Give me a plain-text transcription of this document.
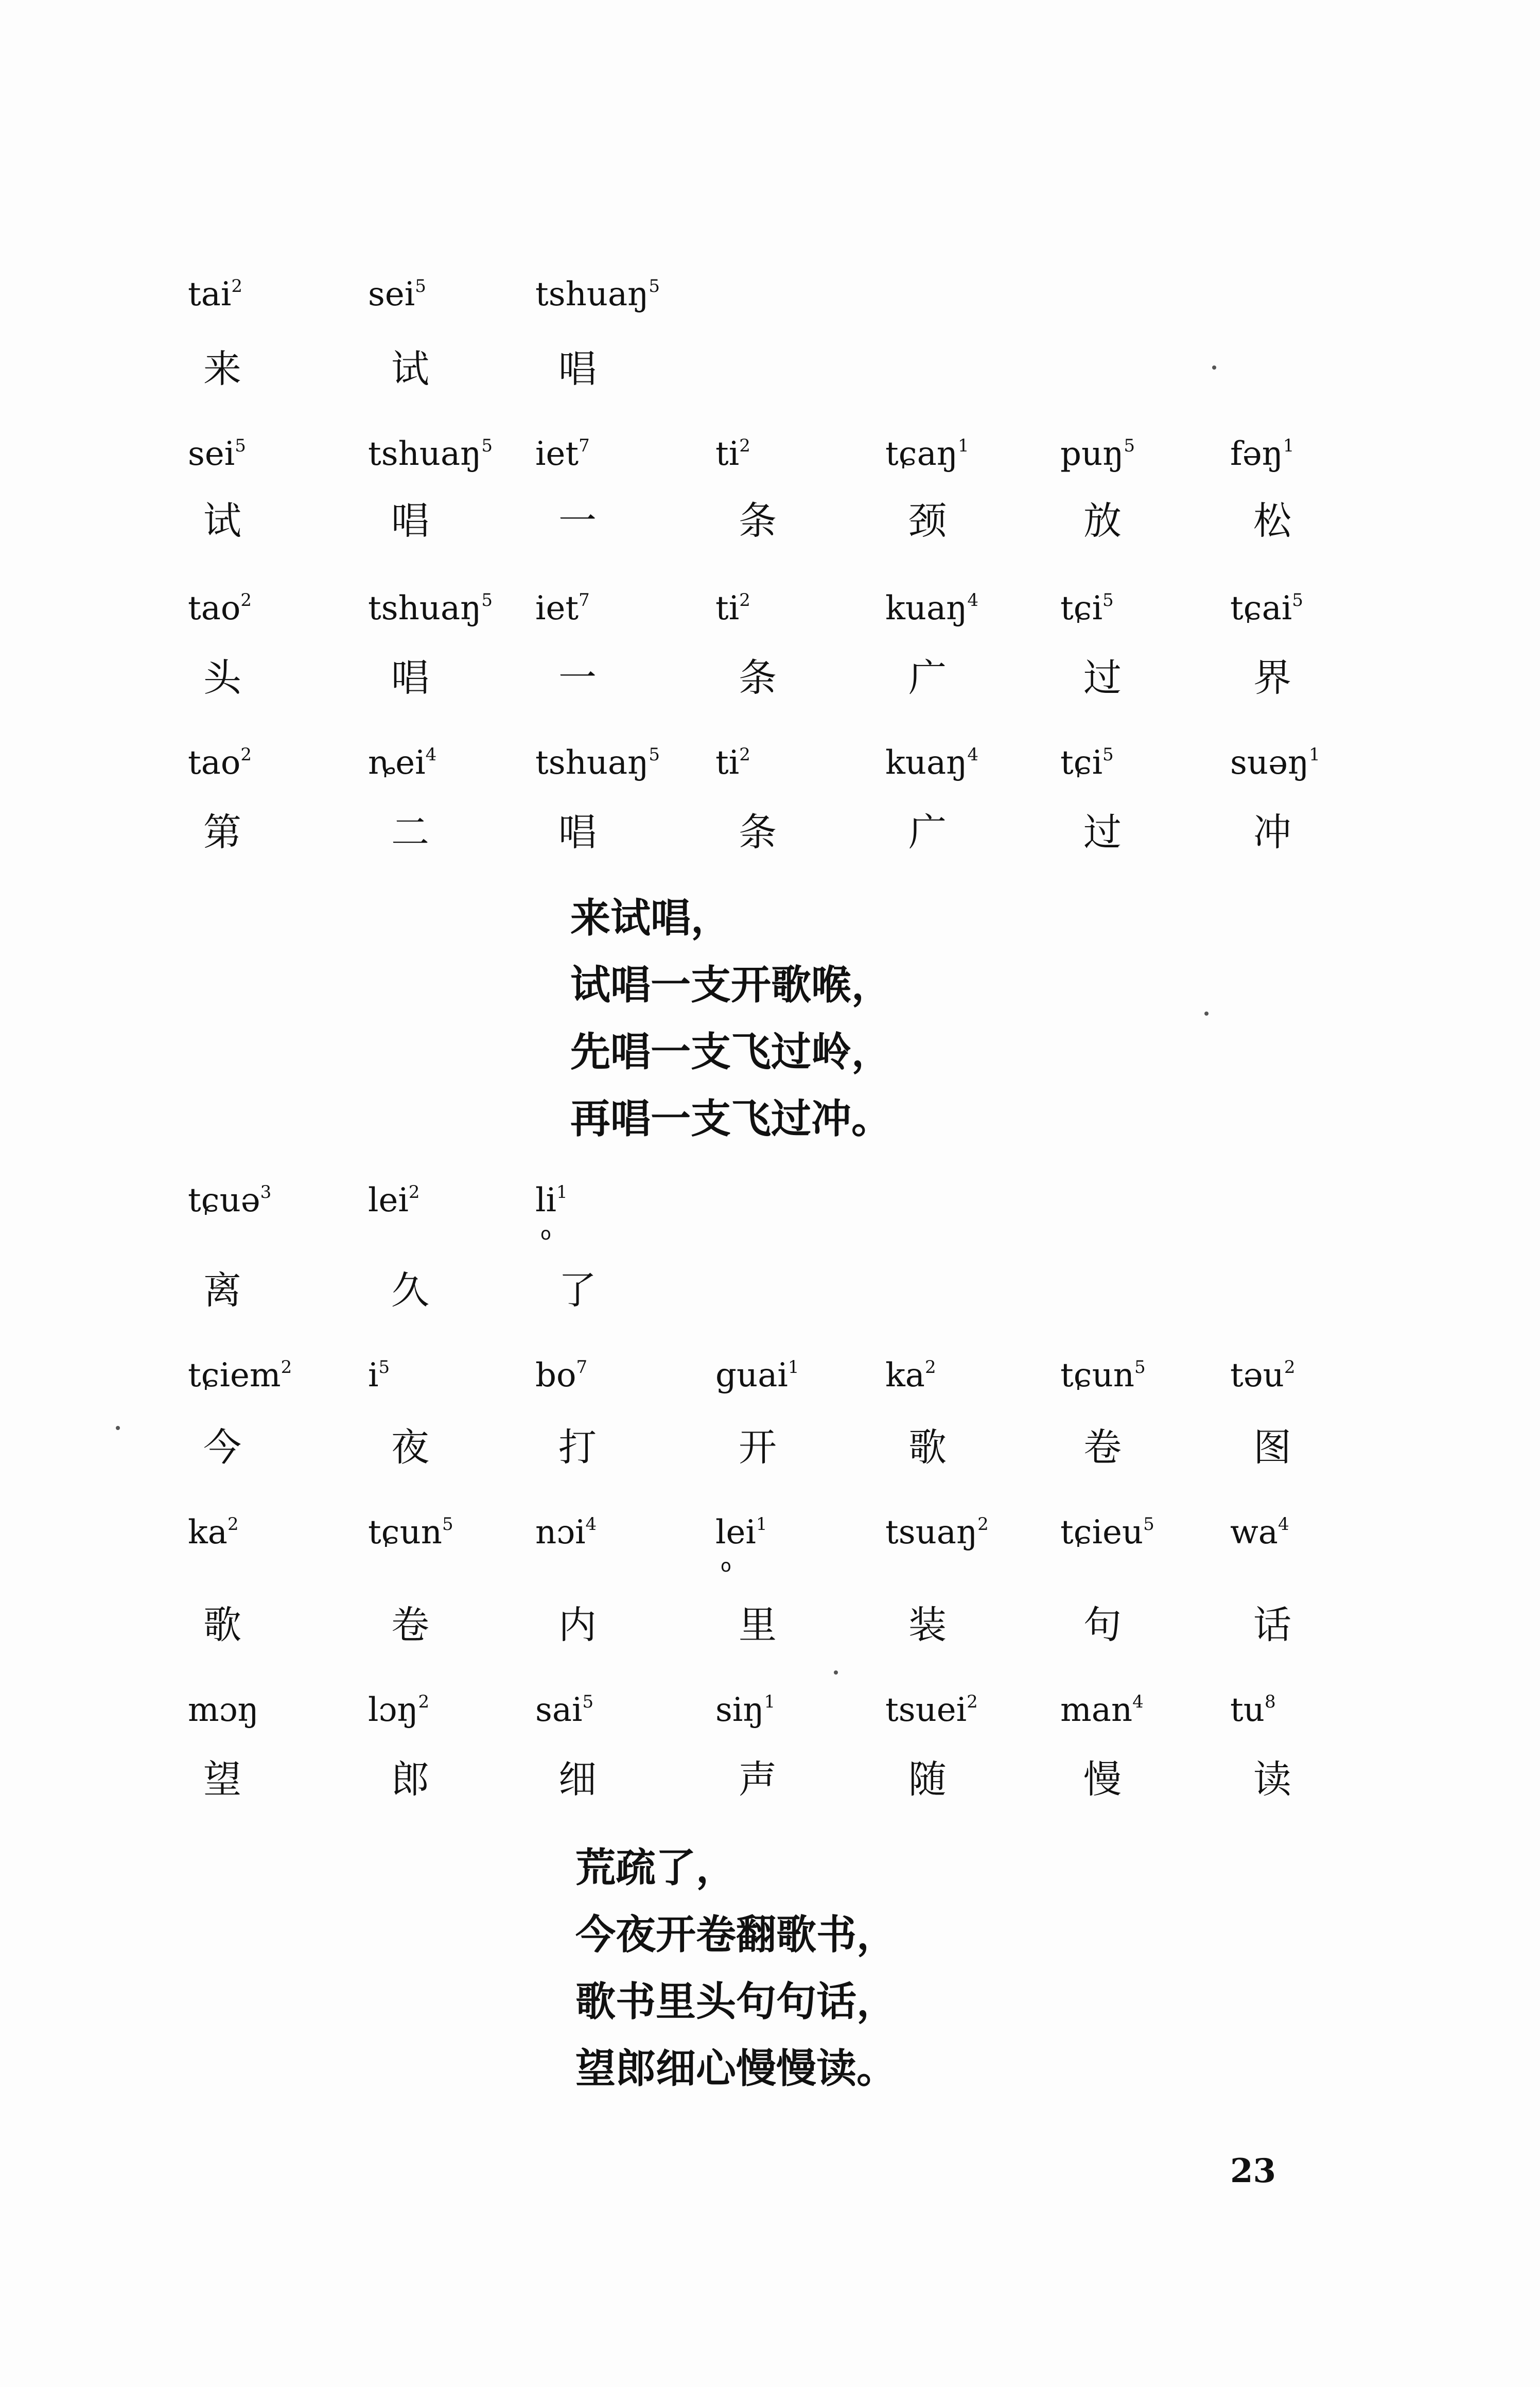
tai$^2$
来
sei$^5$
试
tshuaŋ$^5$
唱
sei$^5$
试
tshuaŋ$^5$
唱
iet$^7$
一
$ti^2$
条
tɕaŋ$^1$
颈
puŋ$^5$
放
fəŋ$^1$
松
tao$^2$
头
tshuaŋ$^5$
唱
iet$^7$
一
$ti^2$
条
kuaŋ$^4$
广
tɕi$^5$
过
tɕai$^5$
界
tao$^2$
第
ȵei$^4$
二
tshuaŋ$^5$
唱
$ti^2$
条
kuaŋ$^4$
广
tɕi$^5$
过
suəŋ$^1$
冲
tɕuə$^3$
离
lei$^2$
久
$li^1$
o
了
tɕiem$^2$
今
$i^5$
夜
$bo^7$
打
guai$^1$
开
$ka^2$
歌
tɕun$^5$
卷
təu$^2$
图
$ka^2$
歌
tɕun$^5$
卷
nɔi$^4$
内
lei$^1$
o
里
tsuaŋ$^2$
装
tɕieu$^5$
句
$wa^4$
话
mɔŋ
望
lɔŋ$^2$
郎
sai$^5$
细
siŋ$^1$
声
tsuei$^2$
随
man$^4$
慢
$tu^8$
读
来试唱，
试唱一支开歌喉，
先唱一支飞过岭，
再唱一支飞过冲。
荒疏了，
今夜开卷翻歌书，
歌书里头句句话，
望郎细心慢慢读。
23
